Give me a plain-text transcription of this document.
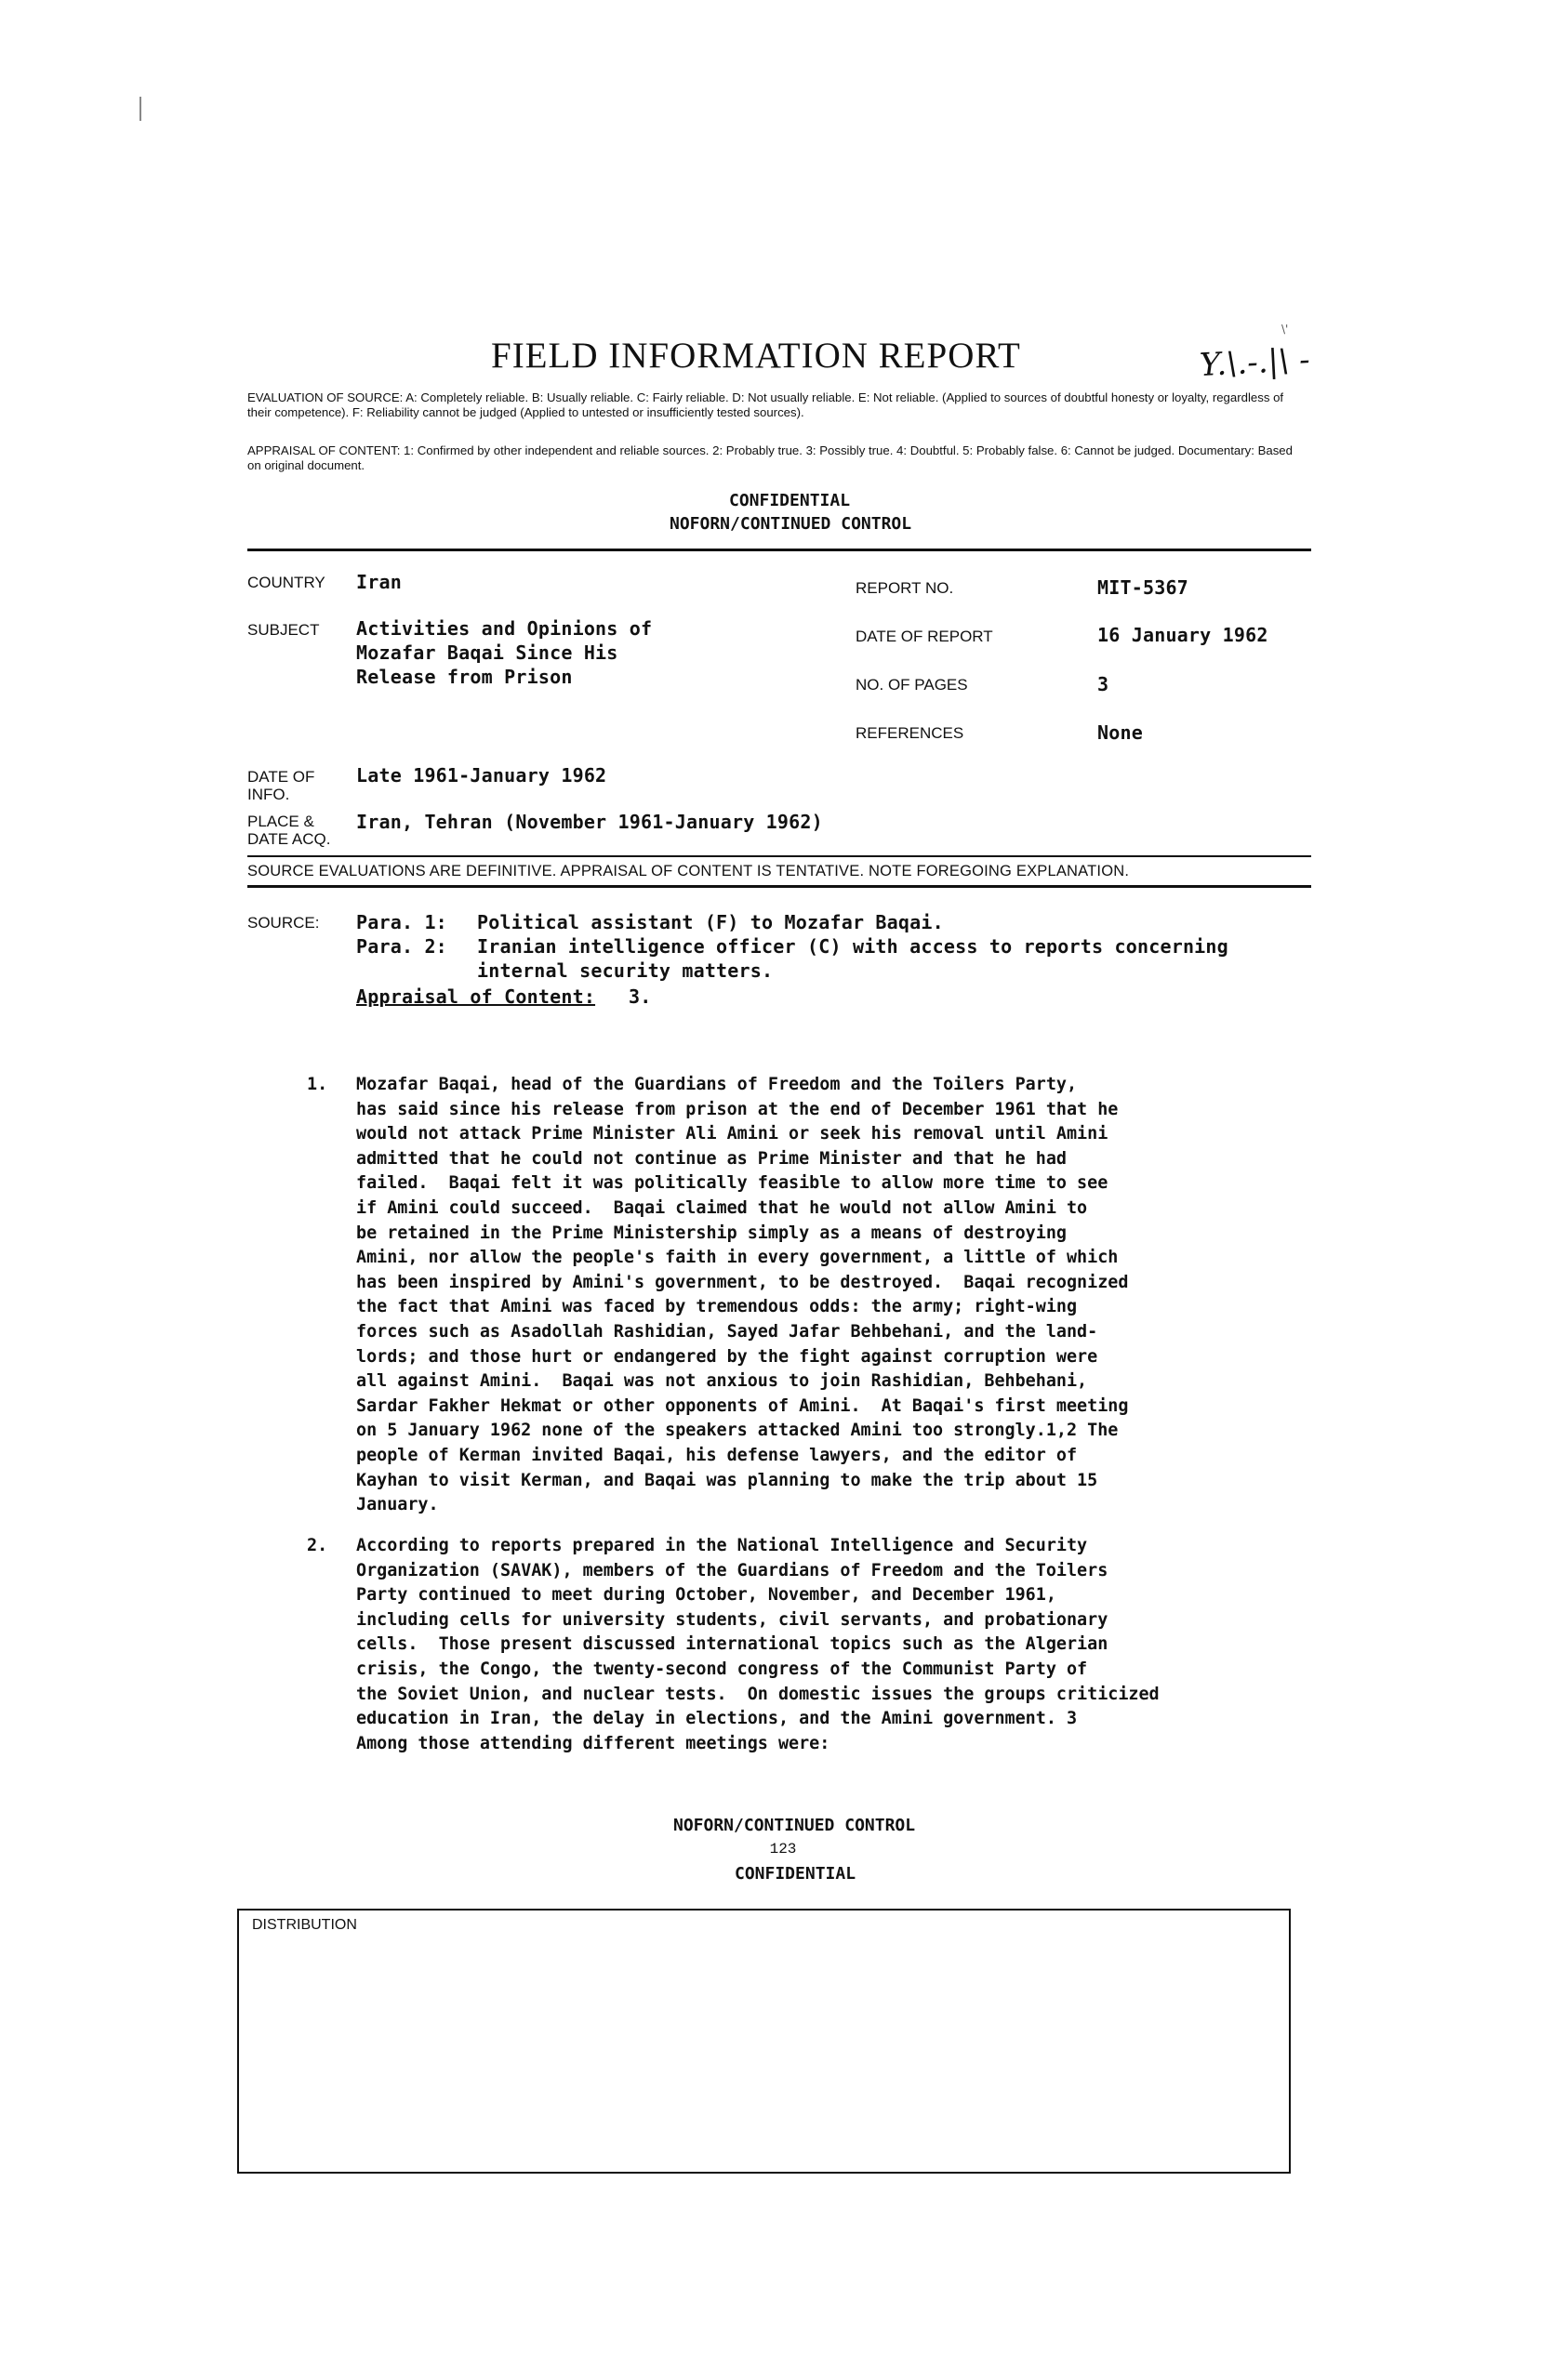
\'
FIELD INFORMATION REPORT	Y.\.-.|\ -
EVALUATION OF SOURCE: A: Completely reliable. B: Usually reliable. C: Fairly reliable. D: Not usually reliable. E: Not reliable. (Applied to sources of doubtful honesty or loyalty, regardless of their competence). F: Reliability cannot be judged (Applied to untested or insufficiently tested sources).
APPRAISAL OF CONTENT: 1: Confirmed by other independent and reliable sources. 2: Probably true. 3: Possibly true. 4: Doubtful. 5: Probably false. 6: Cannot be judged. Documentary: Based on original document.
CONFIDENTIAL
NOFORN/CONTINUED CONTROL
COUNTRY Iran
SUBJECT Activities and Opinions of
Mozafar Baqai Since His
Release from Prison
REPORT NO.	MIT-5367
DATE OF REPORT	16 January 1962
NO. OF PAGES	3
REFERENCES	None
DATE OF
INFO.
Late 1961-January 1962
PLACE &
DATE ACQ.
Iran, Tehran (November 1961-January 1962)
SOURCE EVALUATIONS ARE DEFINITIVE. APPRAISAL OF CONTENT IS TENTATIVE. NOTE FOREGOING EXPLANATION.
SOURCE: Para. 1: Political assistant (F) to Mozafar Baqai.
Para. 2: Iranian intelligence officer (C) with access to reports concerning
internal security matters.
Appraisal of Content: 3.
1. Mozafar Baqai, head of the Guardians of Freedom and the Toilers Party,
has said since his release from prison at the end of December 1961 that he
would not attack Prime Minister Ali Amini or seek his removal until Amini
admitted that he could not continue as Prime Minister and that he had
failed.  Baqai felt it was politically feasible to allow more time to see
if Amini could succeed.  Baqai claimed that he would not allow Amini to
be retained in the Prime Ministership simply as a means of destroying
Amini, nor allow the people's faith in every government, a little of which
has been inspired by Amini's government, to be destroyed.  Baqai recognized
the fact that Amini was faced by tremendous odds: the army; right-wing
forces such as Asadollah Rashidian, Sayed Jafar Behbehani, and the land-
lords; and those hurt or endangered by the fight against corruption were
all against Amini.  Baqai was not anxious to join Rashidian, Behbehani,
Sardar Fakher Hekmat or other opponents of Amini.  At Baqai's first meeting
on 5 January 1962 none of the speakers attacked Amini too strongly.1,2 The
people of Kerman invited Baqai, his defense lawyers, and the editor of
Kayhan to visit Kerman, and Baqai was planning to make the trip about 15
January.
2. According to reports prepared in the National Intelligence and Security
Organization (SAVAK), members of the Guardians of Freedom and the Toilers
Party continued to meet during October, November, and December 1961,
including cells for university students, civil servants, and probationary
cells.  Those present discussed international topics such as the Algerian
crisis, the Congo, the twenty-second congress of the Communist Party of
the Soviet Union, and nuclear tests.  On domestic issues the groups criticized
education in Iran, the delay in elections, and the Amini government. 3
Among those attending different meetings were:
NOFORN/CONTINUED CONTROL
123
CONFIDENTIAL
DISTRIBUTION
